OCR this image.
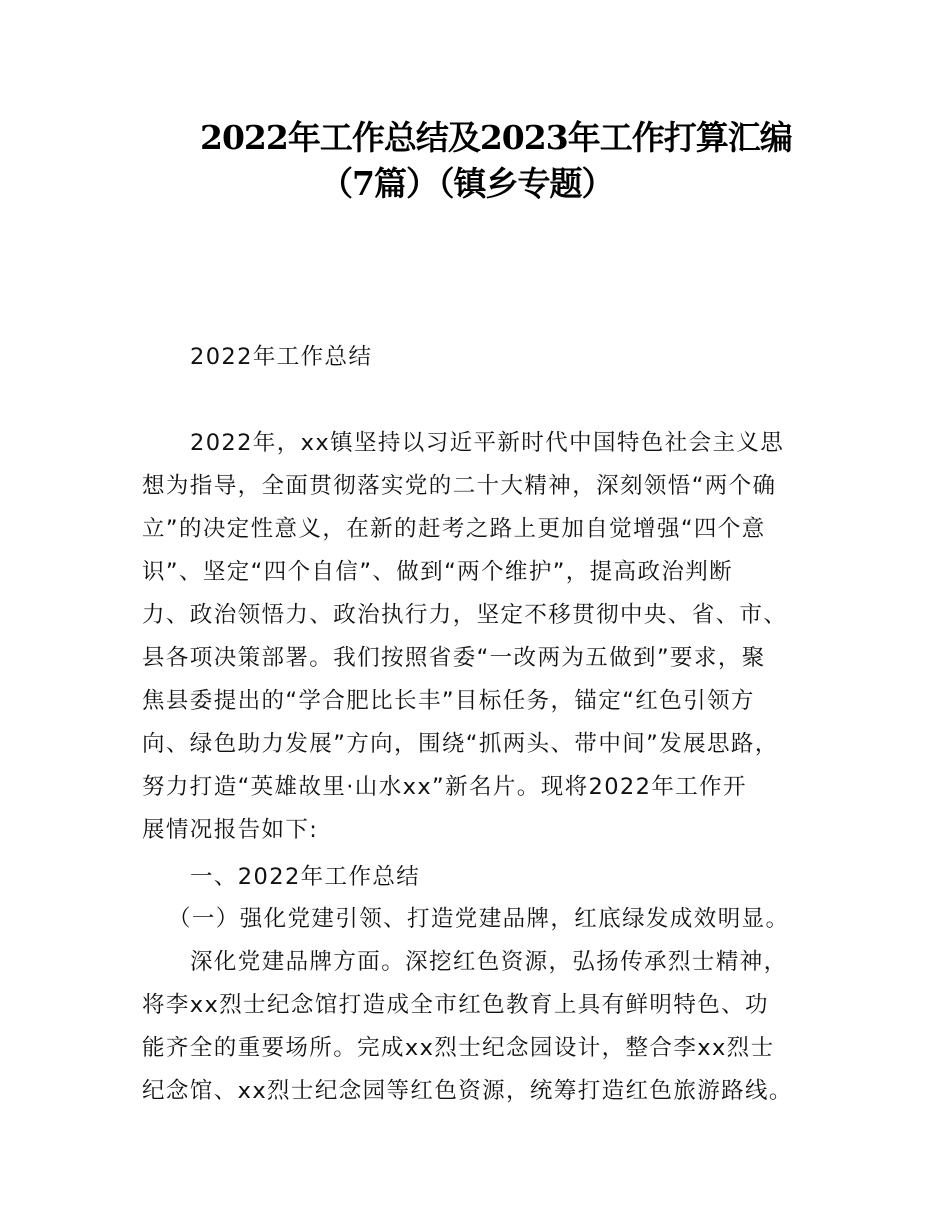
2022年工作总结及2023年工作打算汇编
（7篇）（镇乡专题）
2022年工作总结
2022年，xx镇坚持以习近平新时代中国特色社会主义思
想为指导，全面贯彻落实党的二十大精神，深刻领悟“两个确
立”的决定性意义，在新的赶考之路上更加自觉增强“四个意
识”、坚定“四个自信”、做到“两个维护”，提高政治判断
力、政治领悟力、政治执行力，坚定不移贯彻中央、省、市、
县各项决策部署。我们按照省委“一改两为五做到”要求，聚
焦县委提出的“学合肥比长丰”目标任务，锚定“红色引领方
向、绿色助力发展”方向，围绕“抓两头、带中间”发展思路，
努力打造“英雄故里·山水xx”新名片。现将2022年工作开
展情况报告如下:
一、2022年工作总结
（一）强化党建引领、打造党建品牌，红底绿发成效明显。
深化党建品牌方面。深挖红色资源，弘扬传承烈士精神，
将李xx烈士纪念馆打造成全市红色教育上具有鲜明特色、功
能齐全的重要场所。完成xx烈士纪念园设计，整合李xx烈士
纪念馆、xx烈士纪念园等红色资源，统筹打造红色旅游路线。
